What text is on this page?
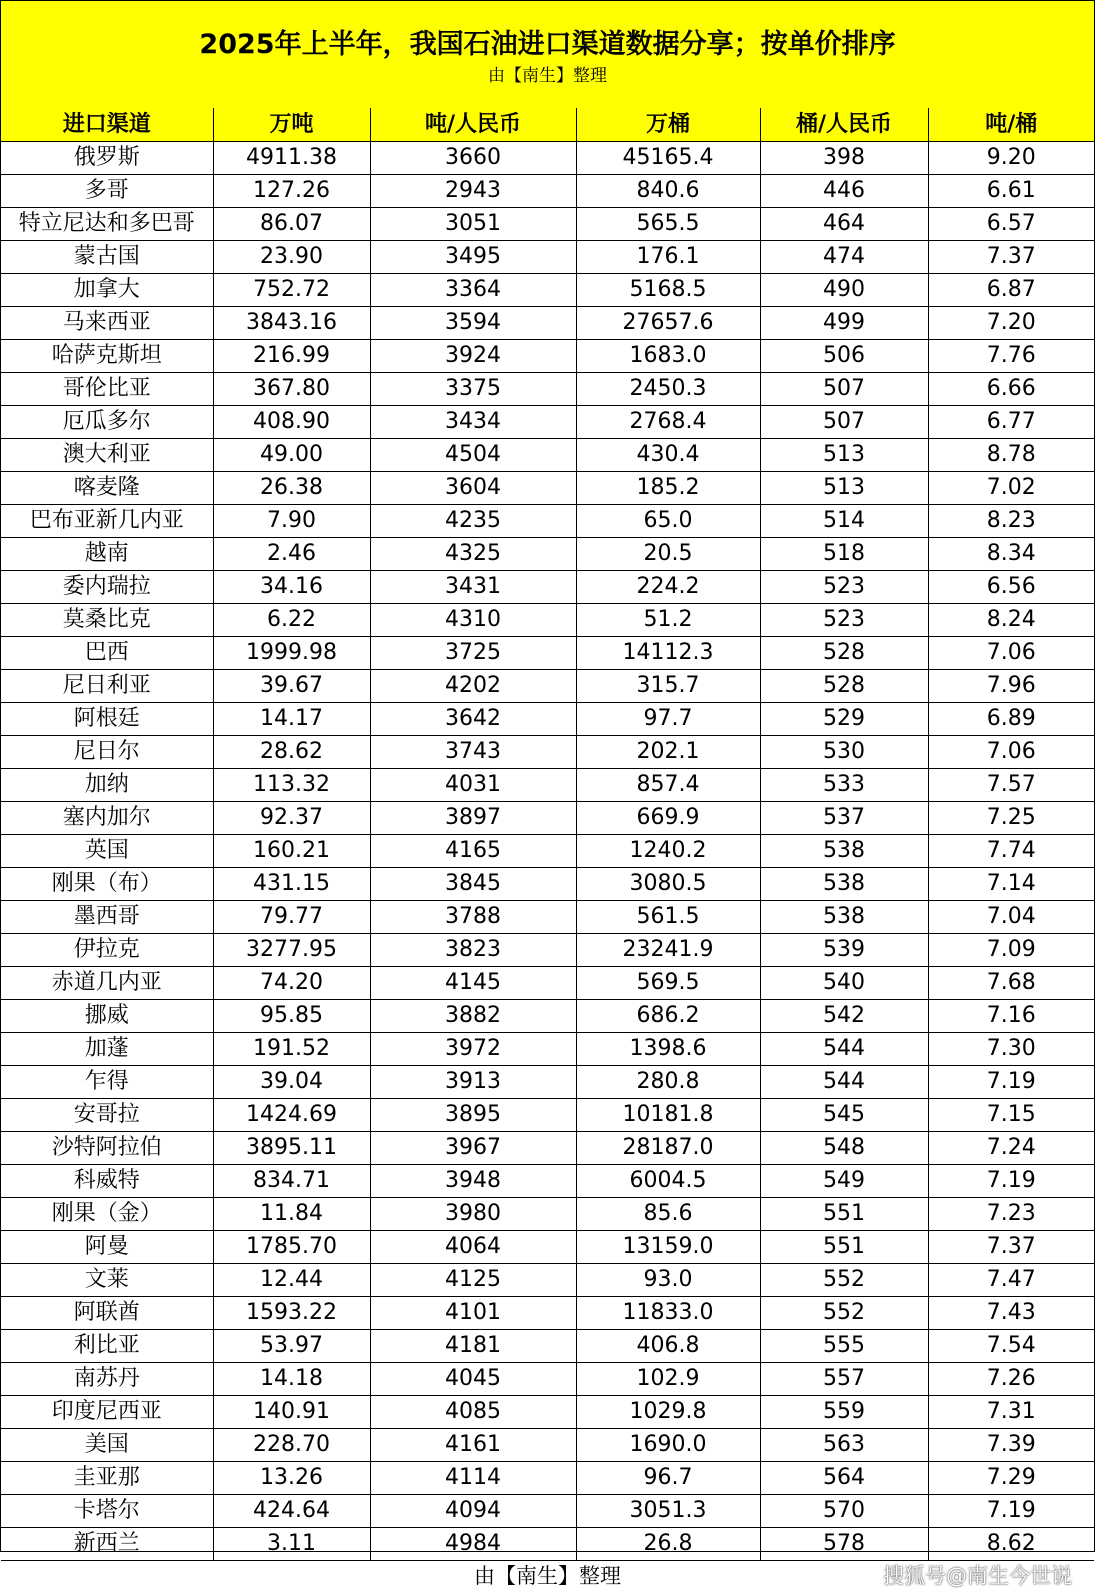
2025年上半年，我国石油进口渠道数据分享；按单价排序
由【南生】整理
进口渠道	万吨	吨/人民币	万桶	桶/人民币	吨/桶
俄罗斯	4911.38	3660	45165.4	398	9.20
多哥	127.26	2943	840.6	446	6.61
特立尼达和多巴哥	86.07	3051	565.5	464	6.57
蒙古国	23.90	3495	176.1	474	7.37
加拿大	752.72	3364	5168.5	490	6.87
马来西亚	3843.16	3594	27657.6	499	7.20
哈萨克斯坦	216.99	3924	1683.0	506	7.76
哥伦比亚	367.80	3375	2450.3	507	6.66
厄瓜多尔	408.90	3434	2768.4	507	6.77
澳大利亚	49.00	4504	430.4	513	8.78
喀麦隆	26.38	3604	185.2	513	7.02
巴布亚新几内亚	7.90	4235	65.0	514	8.23
越南	2.46	4325	20.5	518	8.34
委内瑞拉	34.16	3431	224.2	523	6.56
莫桑比克	6.22	4310	51.2	523	8.24
巴西	1999.98	3725	14112.3	528	7.06
尼日利亚	39.67	4202	315.7	528	7.96
阿根廷	14.17	3642	97.7	529	6.89
尼日尔	28.62	3743	202.1	530	7.06
加纳	113.32	4031	857.4	533	7.57
塞内加尔	92.37	3897	669.9	537	7.25
英国	160.21	4165	1240.2	538	7.74
刚果（布）	431.15	3845	3080.5	538	7.14
墨西哥	79.77	3788	561.5	538	7.04
伊拉克	3277.95	3823	23241.9	539	7.09
赤道几内亚	74.20	4145	569.5	540	7.68
挪威	95.85	3882	686.2	542	7.16
加蓬	191.52	3972	1398.6	544	7.30
乍得	39.04	3913	280.8	544	7.19
安哥拉	1424.69	3895	10181.8	545	7.15
沙特阿拉伯	3895.11	3967	28187.0	548	7.24
科威特	834.71	3948	6004.5	549	7.19
刚果（金）	11.84	3980	85.6	551	7.23
阿曼	1785.70	4064	13159.0	551	7.37
文莱	12.44	4125	93.0	552	7.47
阿联酋	1593.22	4101	11833.0	552	7.43
利比亚	53.97	4181	406.8	555	7.54
南苏丹	14.18	4045	102.9	557	7.26
印度尼西亚	140.91	4085	1029.8	559	7.31
美国	228.70	4161	1690.0	563	7.39
圭亚那	13.26	4114	96.7	564	7.29
卡塔尔	424.64	4094	3051.3	570	7.19
新西兰	3.11	4984	26.8	578	8.62
由【南生】整理	搜狐号@南生今世说
